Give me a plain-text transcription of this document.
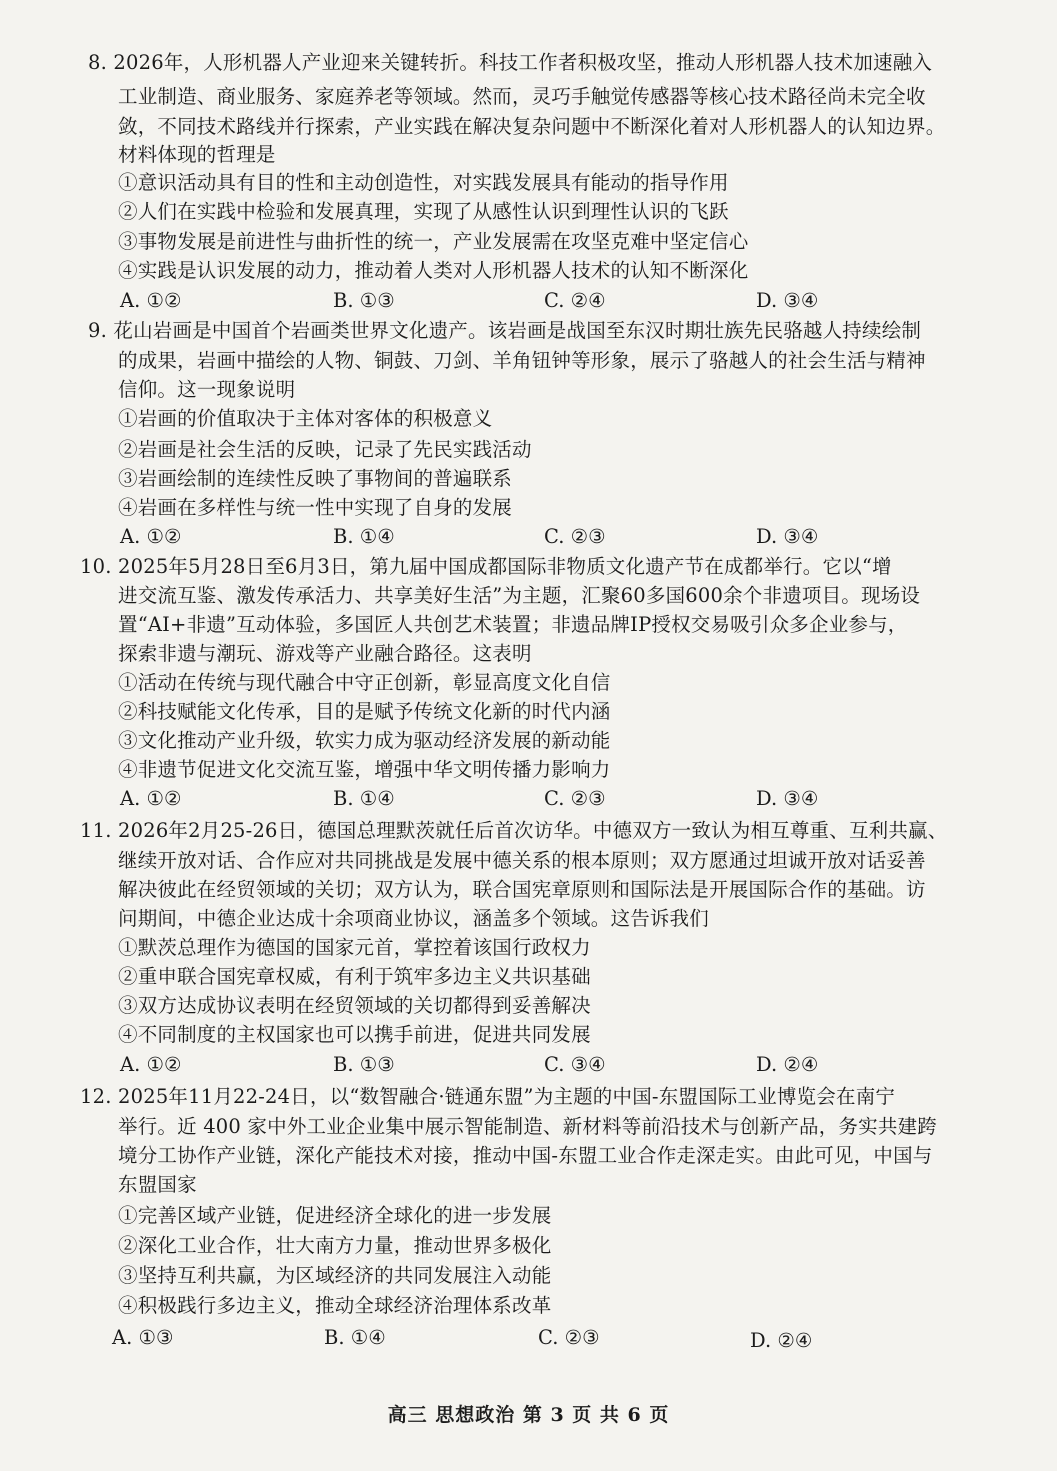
8. 2026年，人形机器人产业迎来关键转折。科技工作者积极攻坚，推动人形机器人技术加速融入
工业制造、商业服务、家庭养老等领域。然而，灵巧手触觉传感器等核心技术路径尚未完全收
敛，不同技术路线并行探索，产业实践在解决复杂问题中不断深化着对人形机器人的认知边界。
材料体现的哲理是
①意识活动具有目的性和主动创造性，对实践发展具有能动的指导作用
②人们在实践中检验和发展真理，实现了从感性认识到理性认识的飞跃
③事物发展是前进性与曲折性的统一，产业发展需在攻坚克难中坚定信心
④实践是认识发展的动力，推动着人类对人形机器人技术的认知不断深化
A. ①②	B. ①③	C. ②④	D. ③④
9. 花山岩画是中国首个岩画类世界文化遗产。该岩画是战国至东汉时期壮族先民骆越人持续绘制
的成果，岩画中描绘的人物、铜鼓、刀剑、羊角钮钟等形象，展示了骆越人的社会生活与精神
信仰。这一现象说明
①岩画的价值取决于主体对客体的积极意义
②岩画是社会生活的反映，记录了先民实践活动
③岩画绘制的连续性反映了事物间的普遍联系
④岩画在多样性与统一性中实现了自身的发展
A. ①②	B. ①④	C. ②③	D. ③④
10. 2025年5月28日至6月3日，第九届中国成都国际非物质文化遗产节在成都举行。它以“增
进交流互鉴、激发传承活力、共享美好生活”为主题，汇聚60多国600余个非遗项目。现场设
置“AI+非遗”互动体验，多国匠人共创艺术装置；非遗品牌IP授权交易吸引众多企业参与，
探索非遗与潮玩、游戏等产业融合路径。这表明
①活动在传统与现代融合中守正创新，彰显高度文化自信
②科技赋能文化传承，目的是赋予传统文化新的时代内涵
③文化推动产业升级，软实力成为驱动经济发展的新动能
④非遗节促进文化交流互鉴，增强中华文明传播力影响力
A. ①②	B. ①④	C. ②③	D. ③④
11. 2026年2月25-26日，德国总理默茨就任后首次访华。中德双方一致认为相互尊重、互利共赢、
继续开放对话、合作应对共同挑战是发展中德关系的根本原则；双方愿通过坦诚开放对话妥善
解决彼此在经贸领域的关切；双方认为，联合国宪章原则和国际法是开展国际合作的基础。访
问期间，中德企业达成十余项商业协议，涵盖多个领域。这告诉我们
①默茨总理作为德国的国家元首，掌控着该国行政权力
②重申联合国宪章权威，有利于筑牢多边主义共识基础
③双方达成协议表明在经贸领域的关切都得到妥善解决
④不同制度的主权国家也可以携手前进，促进共同发展
A. ①②	B. ①③	C. ③④	D. ②④
12. 2025年11月22-24日，以“数智融合·链通东盟”为主题的中国-东盟国际工业博览会在南宁
举行。近 400 家中外工业企业集中展示智能制造、新材料等前沿技术与创新产品，务实共建跨
境分工协作产业链，深化产能技术对接，推动中国-东盟工业合作走深走实。由此可见，中国与
东盟国家
①完善区域产业链，促进经济全球化的进一步发展
②深化工业合作，壮大南方力量，推动世界多极化
③坚持互利共赢，为区域经济的共同发展注入动能
④积极践行多边主义，推动全球经济治理体系改革
A. ①③	B. ①④	C. ②③	D. ②④
高三 思想政治 第 3 页 共 6 页
